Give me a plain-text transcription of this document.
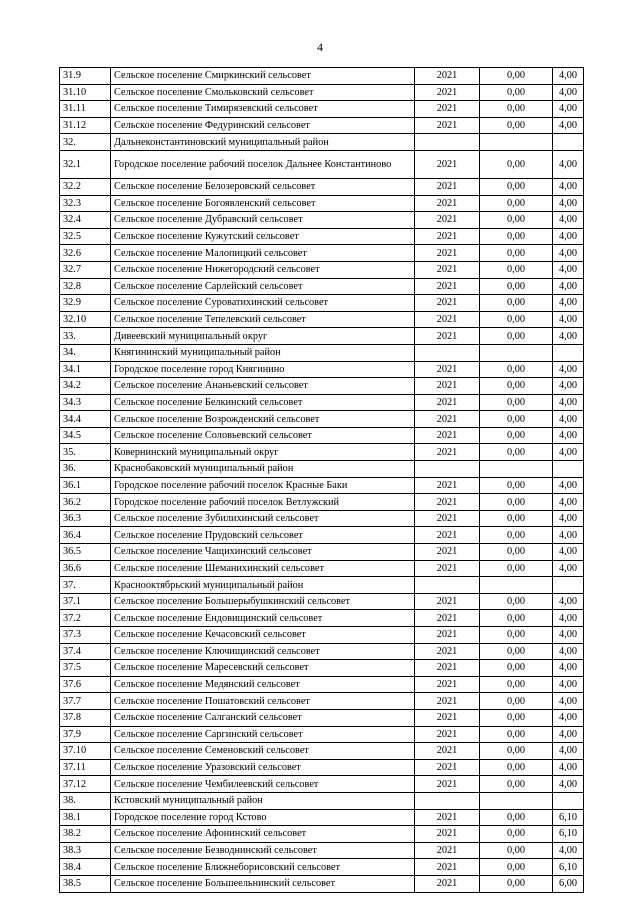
4
31.9	Сельское поселение Смиркинский сельсовет	2021	0,00	4,00
31.10	Сельское поселение Смольковский сельсовет	2021	0,00	4,00
31.11	Сельское поселение Тимирязевский сельсовет	2021	0,00	4,00
31.12	Сельское поселение Федуринский сельсовет	2021	0,00	4,00
32.	Дальнеконстантиновский муниципальный район			
32.1	Городское поселение рабочий поселок Дальнее Константиново	2021	0,00	4,00
32.2	Сельское поселение Белозеровский сельсовет	2021	0,00	4,00
32.3	Сельское поселение Богоявленский сельсовет	2021	0,00	4,00
32.4	Сельское поселение Дубравский сельсовет	2021	0,00	4,00
32.5	Сельское поселение Кужутский сельсовет	2021	0,00	4,00
32.6	Сельское поселение Малопицкий сельсовет	2021	0,00	4,00
32.7	Сельское поселение Нижегородский сельсовет	2021	0,00	4,00
32.8	Сельское поселение Сарлейский сельсовет	2021	0,00	4,00
32.9	Сельское поселение Суроватихинский сельсовет	2021	0,00	4,00
32.10	Сельское поселение Тепелевский сельсовет	2021	0,00	4,00
33.	Дивеевский муниципальный округ	2021	0,00	4,00
34.	Княгининский муниципальный район			
34.1	Городское поселение город Княгинино	2021	0,00	4,00
34.2	Сельское поселение Ананьевский сельсовет	2021	0,00	4,00
34.3	Сельское поселение Белкинский сельсовет	2021	0,00	4,00
34.4	Сельское поселение Возрожденский сельсовет	2021	0,00	4,00
34.5	Сельское поселение Соловьевский сельсовет	2021	0,00	4,00
35.	Ковернинский муниципальный округ	2021	0,00	4,00
36.	Краснобаковский муниципальный район			
36.1	Городское поселение рабочий поселок Красные Баки	2021	0,00	4,00
36.2	Городское поселение рабочий поселок Ветлужский	2021	0,00	4,00
36.3	Сельское поселение Зубилихинский сельсовет	2021	0,00	4,00
36.4	Сельское поселение Прудовский сельсовет	2021	0,00	4,00
36.5	Сельское поселение Чащихинский сельсовет	2021	0,00	4,00
36.6	Сельское поселение Шеманихинский сельсовет	2021	0,00	4,00
37.	Краснооктябрьский муниципальный район			
37.1	Сельское поселение Большерыбушкинский сельсовет	2021	0,00	4,00
37.2	Сельское поселение Ендовищинский сельсовет	2021	0,00	4,00
37.3	Сельское поселение Кечасовский сельсовет	2021	0,00	4,00
37.4	Сельское поселение Ключищинский сельсовет	2021	0,00	4,00
37.5	Сельское поселение Маресевский сельсовет	2021	0,00	4,00
37.6	Сельское поселение Медянский сельсовет	2021	0,00	4,00
37.7	Сельское поселение Пошатовский сельсовет	2021	0,00	4,00
37.8	Сельское поселение Салганский сельсовет	2021	0,00	4,00
37.9	Сельское поселение Саргинский сельсовет	2021	0,00	4,00
37.10	Сельское поселение Семеновский сельсовет	2021	0,00	4,00
37.11	Сельское поселение Уразовский сельсовет	2021	0,00	4,00
37.12	Сельское поселение Чембилеевский сельсовет	2021	0,00	4,00
38.	Кстовский муниципальный район			
38.1	Городское поселение город Кстово	2021	0,00	6,10
38.2	Сельское поселение Афонинский сельсовет	2021	0,00	6,10
38.3	Сельское поселение Безводнинский сельсовет	2021	0,00	4,00
38.4	Сельское поселение Ближнеборисовский сельсовет	2021	0,00	6,10
38.5	Сельское поселение Большеельнинский сельсовет	2021	0,00	6,00
